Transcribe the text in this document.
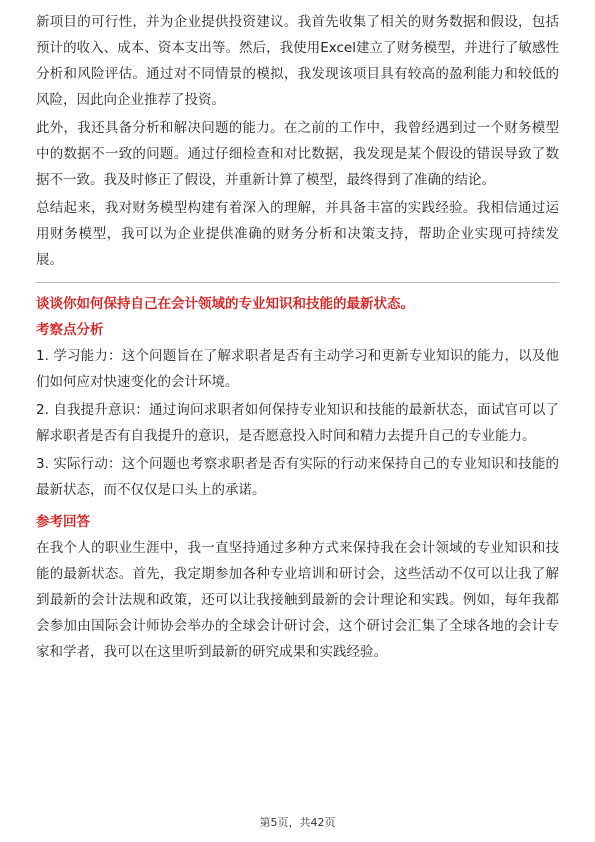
新项目的可行性，并为企业提供投资建议。我首先收集了相关的财务数据和假设，包括预计的收入、成本、资本支出等。然后，我使用Excel建立了财务模型，并进行了敏感性分析和风险评估。通过对不同情景的模拟，我发现该项目具有较高的盈利能力和较低的风险，因此向企业推荐了投资。

此外，我还具备分析和解决问题的能力。在之前的工作中，我曾经遇到过一个财务模型中的数据不一致的问题。通过仔细检查和对比数据，我发现是某个假设的错误导致了数据不一致。我及时修正了假设，并重新计算了模型，最终得到了准确的结论。

总结起来，我对财务模型构建有着深入的理解，并具备丰富的实践经验。我相信通过运用财务模型，我可以为企业提供准确的财务分析和决策支持，帮助企业实现可持续发展。

谈谈你如何保持自己在会计领域的专业知识和技能的最新状态。

考察点分析

1. 学习能力：这个问题旨在了解求职者是否有主动学习和更新专业知识的能力，以及他们如何应对快速变化的会计环境。

2. 自我提升意识：通过询问求职者如何保持专业知识和技能的最新状态，面试官可以了解求职者是否有自我提升的意识，是否愿意投入时间和精力去提升自己的专业能力。

3. 实际行动：这个问题也考察求职者是否有实际的行动来保持自己的专业知识和技能的最新状态，而不仅仅是口头上的承诺。

参考回答

在我个人的职业生涯中，我一直坚持通过多种方式来保持我在会计领域的专业知识和技能的最新状态。首先，我定期参加各种专业培训和研讨会，这些活动不仅可以让我了解到最新的会计法规和政策，还可以让我接触到最新的会计理论和实践。例如，每年我都会参加由国际会计师协会举办的全球会计研讨会，这个研讨会汇集了全球各地的会计专家和学者，我可以在这里听到最新的研究成果和实践经验。

第5页，共42页
